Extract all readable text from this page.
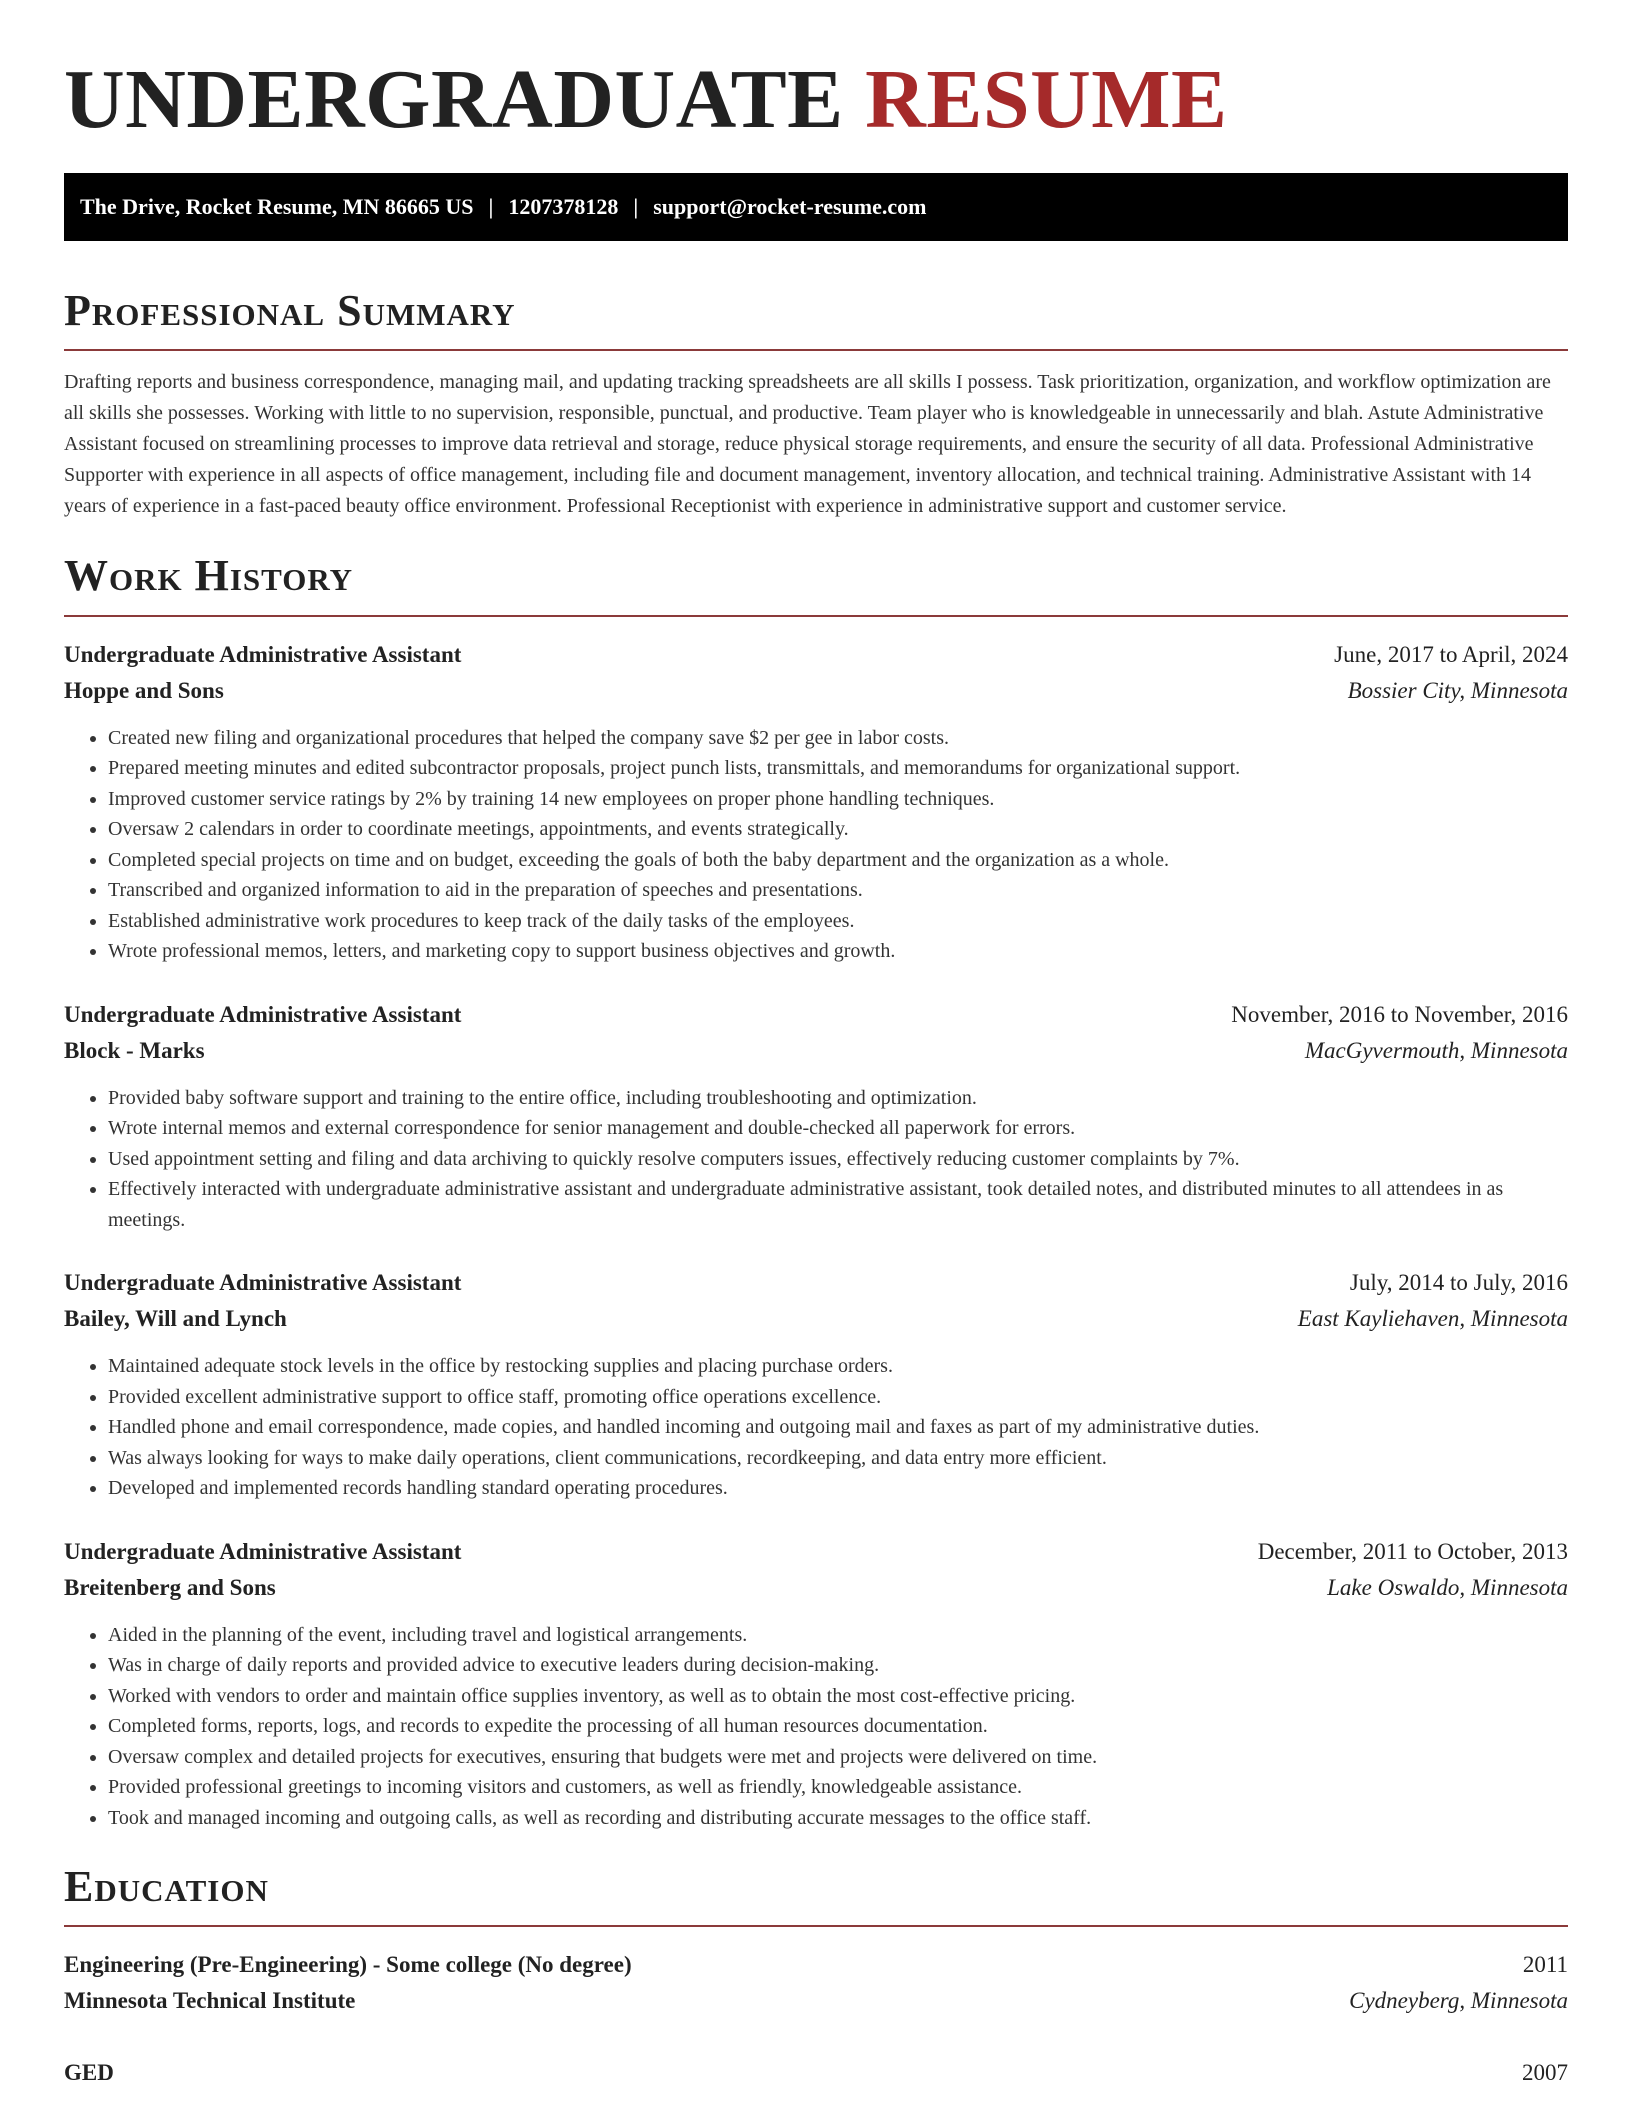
UNDERGRADUATE RESUME
The Drive, Rocket Resume, MN 86665 US | 1207378128 | support@rocket-resume.com
Professional Summary

Drafting reports and business correspondence, managing mail, and updating tracking spreadsheets are all skills I possess. Task prioritization, organization, and workflow optimization are all skills she possesses. Working with little to no supervision, responsible, punctual, and productive. Team player who is knowledgeable in unnecessarily and blah. Astute Administrative Assistant focused on streamlining processes to improve data retrieval and storage, reduce physical storage requirements, and ensure the security of all data. Professional Administrative Supporter with experience in all aspects of office management, including file and document management, inventory allocation, and technical training. Administrative Assistant with 14 years of experience in a fast-paced beauty office environment. Professional Receptionist with experience in administrative support and customer service.

Work History
Undergraduate Administrative Assistant	June, 2017 to April, 2024
Hoppe and Sons	Bossier City, Minnesota
• Created new filing and organizational procedures that helped the company save $2 per gee in labor costs.
• Prepared meeting minutes and edited subcontractor proposals, project punch lists, transmittals, and memorandums for organizational support.
• Improved customer service ratings by 2% by training 14 new employees on proper phone handling techniques.
• Oversaw 2 calendars in order to coordinate meetings, appointments, and events strategically.
• Completed special projects on time and on budget, exceeding the goals of both the baby department and the organization as a whole.
• Transcribed and organized information to aid in the preparation of speeches and presentations.
• Established administrative work procedures to keep track of the daily tasks of the employees.
• Wrote professional memos, letters, and marketing copy to support business objectives and growth.
Undergraduate Administrative Assistant	November, 2016 to November, 2016
Block - Marks	MacGyvermouth, Minnesota
• Provided baby software support and training to the entire office, including troubleshooting and optimization.
• Wrote internal memos and external correspondence for senior management and double-checked all paperwork for errors.
• Used appointment setting and filing and data archiving to quickly resolve computers issues, effectively reducing customer complaints by 7%.
• Effectively interacted with undergraduate administrative assistant and undergraduate administrative assistant, took detailed notes, and distributed minutes to all attendees in as meetings.
Undergraduate Administrative Assistant	July, 2014 to July, 2016
Bailey, Will and Lynch	East Kayliehaven, Minnesota
• Maintained adequate stock levels in the office by restocking supplies and placing purchase orders.
• Provided excellent administrative support to office staff, promoting office operations excellence.
• Handled phone and email correspondence, made copies, and handled incoming and outgoing mail and faxes as part of my administrative duties.
• Was always looking for ways to make daily operations, client communications, recordkeeping, and data entry more efficient.
• Developed and implemented records handling standard operating procedures.
Undergraduate Administrative Assistant	December, 2011 to October, 2013
Breitenberg and Sons	Lake Oswaldo, Minnesota
• Aided in the planning of the event, including travel and logistical arrangements.
• Was in charge of daily reports and provided advice to executive leaders during decision-making.
• Worked with vendors to order and maintain office supplies inventory, as well as to obtain the most cost-effective pricing.
• Completed forms, reports, logs, and records to expedite the processing of all human resources documentation.
• Oversaw complex and detailed projects for executives, ensuring that budgets were met and projects were delivered on time.
• Provided professional greetings to incoming visitors and customers, as well as friendly, knowledgeable assistance.
• Took and managed incoming and outgoing calls, as well as recording and distributing accurate messages to the office staff.
Education
Engineering (Pre-Engineering) - Some college (No degree)	2011
Minnesota Technical Institute	Cydneyberg, Minnesota
GED	2007
